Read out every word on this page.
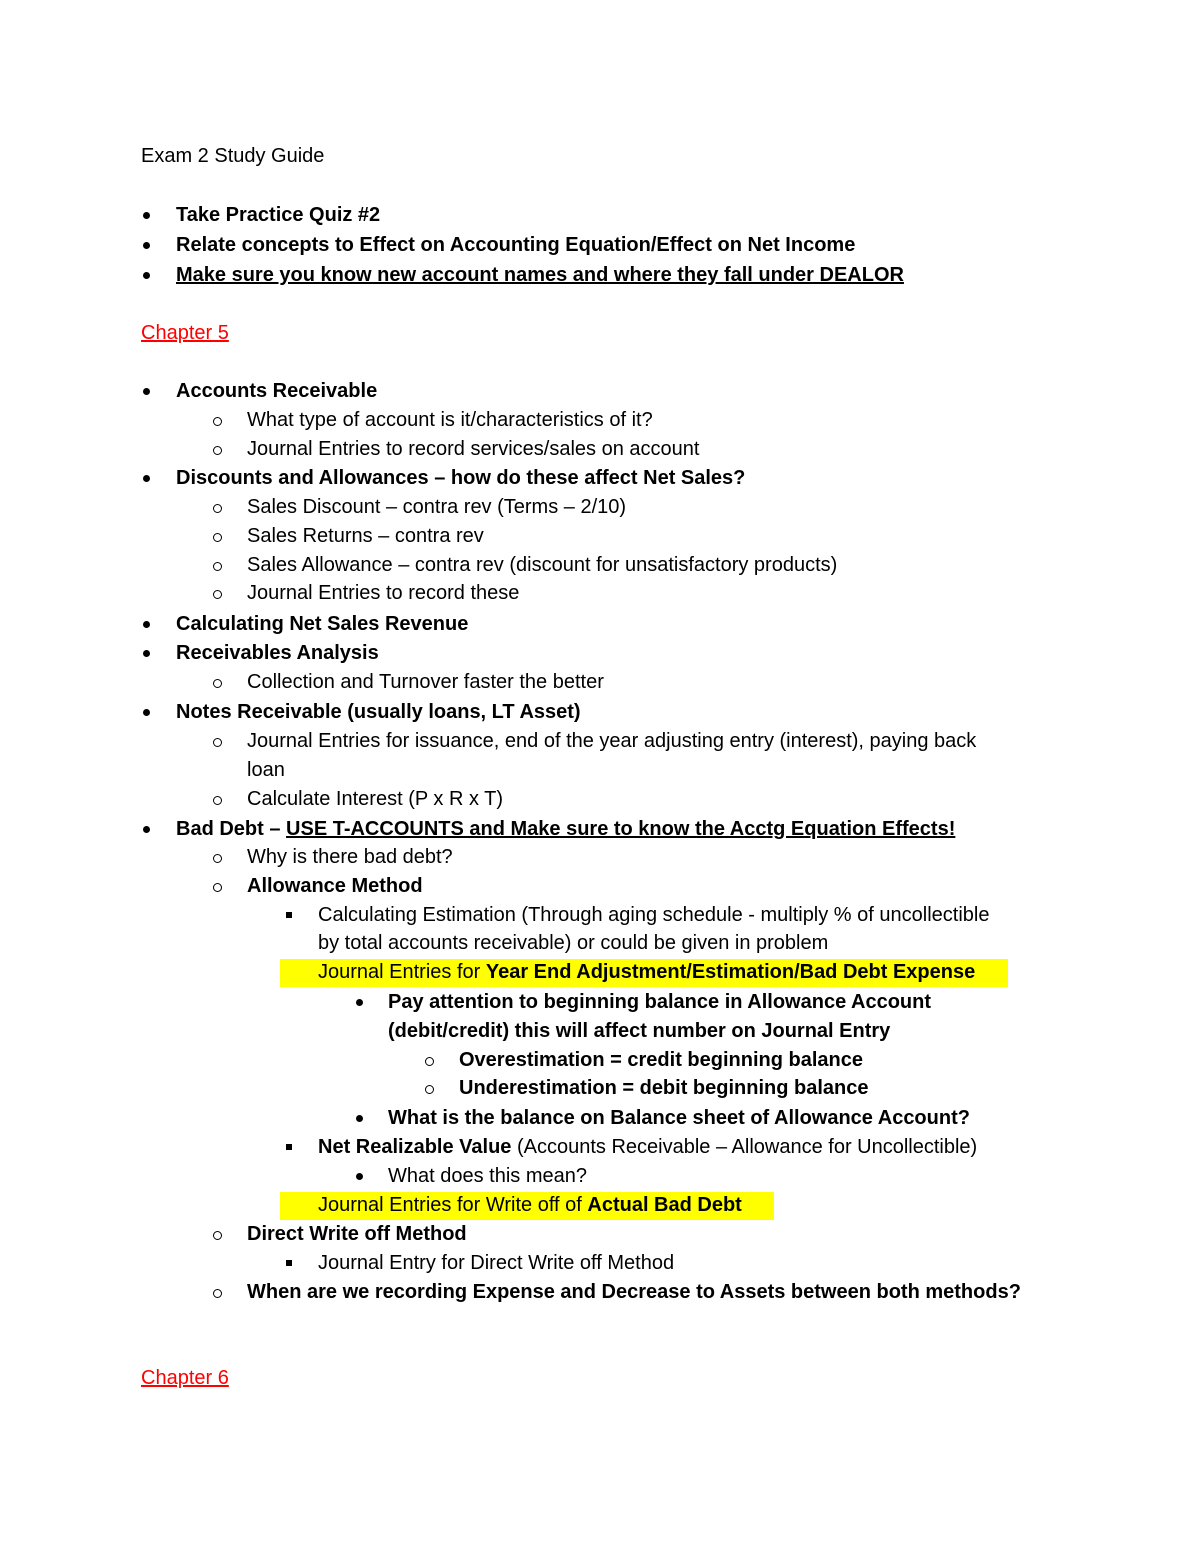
Exam 2 Study Guide
Take Practice Quiz #2
Relate concepts to Effect on Accounting Equation/Effect on Net Income
Make sure you know new account names and where they fall under DEALOR
Chapter 5
Accounts Receivable
What type of account is it/characteristics of it?
Journal Entries to record services/sales on account
Discounts and Allowances – how do these affect Net Sales?
Sales Discount – contra rev (Terms – 2/10)
Sales Returns – contra rev
Sales Allowance – contra rev (discount for unsatisfactory products)
Journal Entries to record these
Calculating Net Sales Revenue
Receivables Analysis
Collection and Turnover faster the better
Notes Receivable (usually loans, LT Asset)
Journal Entries for issuance, end of the year adjusting entry (interest), paying back
loan
Calculate Interest (P x R x T)
Bad Debt – USE T-ACCOUNTS and Make sure to know the Acctg Equation Effects!
Why is there bad debt?
Allowance Method
Calculating Estimation (Through aging schedule - multiply % of uncollectible
by total accounts receivable) or could be given in problem
Journal Entries for Year End Adjustment/Estimation/Bad Debt Expense
Pay attention to beginning balance in Allowance Account
(debit/credit) this will affect number on Journal Entry
Overestimation = credit beginning balance
Underestimation = debit beginning balance
What is the balance on Balance sheet of Allowance Account?
Net Realizable Value (Accounts Receivable – Allowance for Uncollectible)
What does this mean?
Journal Entries for Write off of Actual Bad Debt
Direct Write off Method
Journal Entry for Direct Write off Method
When are we recording Expense and Decrease to Assets between both methods?
Chapter 6
